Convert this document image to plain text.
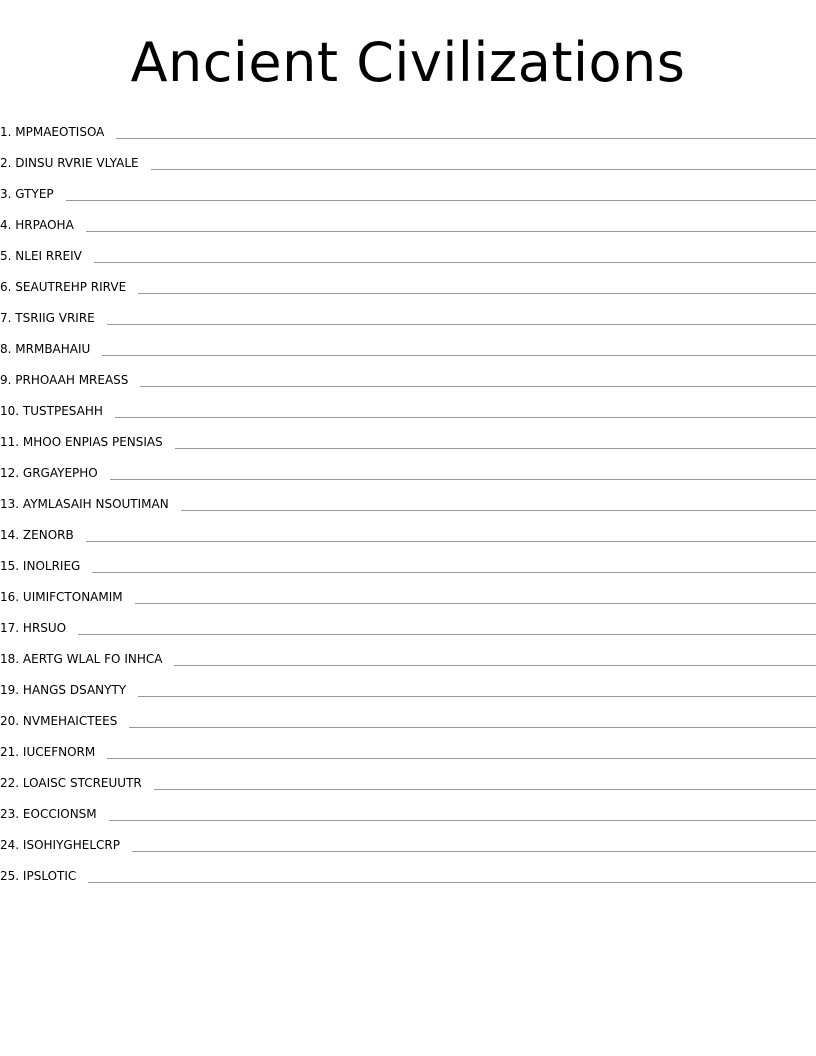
Ancient Civilizations
1. MPMAEOTISOA
2. DINSU RVRIE VLYALE
3. GTYEP
4. HRPAOHA
5. NLEI RREIV
6. SEAUTREHP RIRVE
7. TSRIIG VRIRE
8. MRMBAHAIU
9. PRHOAAH MREASS
10. TUSTPESAHH
11. MHOO ENPIAS PENSIAS
12. GRGAYEPHO
13. AYMLASAIH NSOUTIMAN
14. ZENORB
15. INOLRIEG
16. UIMIFCTONAMIM
17. HRSUO
18. AERTG WLAL FO INHCA
19. HANGS DSANYTY
20. NVMEHAICTEES
21. IUCEFNORM
22. LOAISC STCREUUTR
23. EOCCIONSM
24. ISOHIYGHELCRP
25. IPSLOTIC
